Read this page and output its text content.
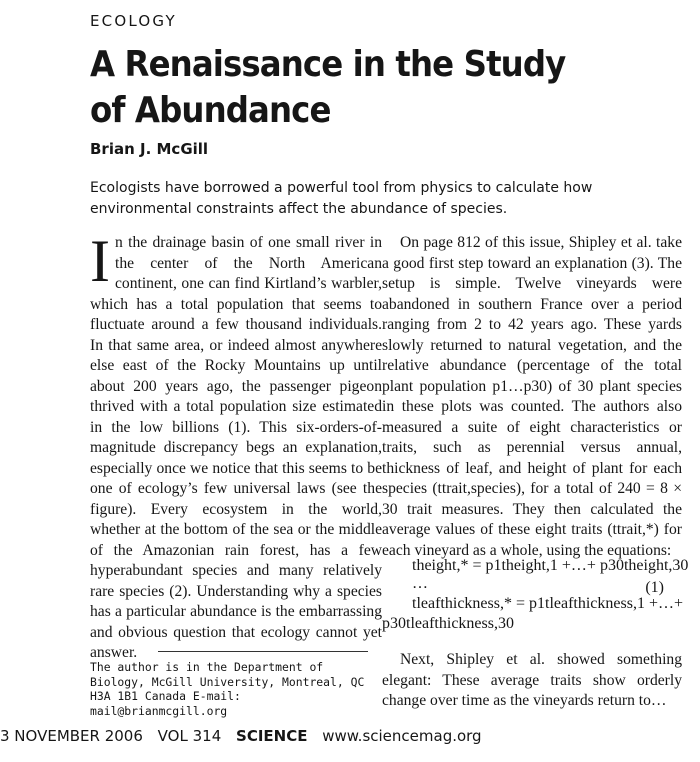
ECOLOGY
A Renaissance in the Study of Abundance
Brian J. McGill
Ecologists have borrowed a powerful tool from physics to calculate how environmental constraints affect the abundance of species.

In the drainage basin of one small river in the center of the North American continent, one can find Kirtland’s warbler, which has a total population that seems to fluctuate around a few thousand individuals. In that same area, or indeed almost anywhere else east of the Rocky Mountains up until about 200 years ago, the passenger pigeon thrived with a total population size estimated in the low billions (1). This six-orders-of-magnitude discrepancy begs an explanation, especially once we notice that this seems to be one of ecology’s few universal laws (see the figure). Every ecosystem in the world, whether at the bottom of the sea or the middle of the Amazonian rain forest, has a few hyperabundant species and many relatively rare species (2). Understanding why a species has a particular abundance is the embarrassing and obvious question that ecology cannot yet answer.

On page 812 of this issue, Shipley et al. take a good first step toward an explanation (3). The setup is simple. Twelve vineyards were abandoned in southern France over a period ranging from 2 to 42 years ago. These yards slowly returned to natural vegetation, and the relative abundance (percentage of the total plant population p1…p30) of 30 plant species in these plots was counted. The authors also measured a suite of eight characteristics or traits, such as perennial versus annual, thickness of leaf, and height of plant for each species (ttrait,species), for a total of 240 = 8 × 30 trait measures. They then calculated the average values of these eight traits (ttrait,*) for each vineyard as a whole, using the equations:

theight,* = p1theight,1 +…+ p30theight,30
…
tleafthickness,* = p1tleafthickness,1 +…+
p30tleafthickness,30
(1)
The author is in the Department of Biology, McGill University, Montreal, QC H3A 1B1 Canada E-mail: mail@brianmcgill.org
Next, Shipley et al. showed something elegant: These average traits show orderly change over time as the vineyards return to…
3 NOVEMBER 2006 VOL 314 SCIENCE www.sciencemag.org
